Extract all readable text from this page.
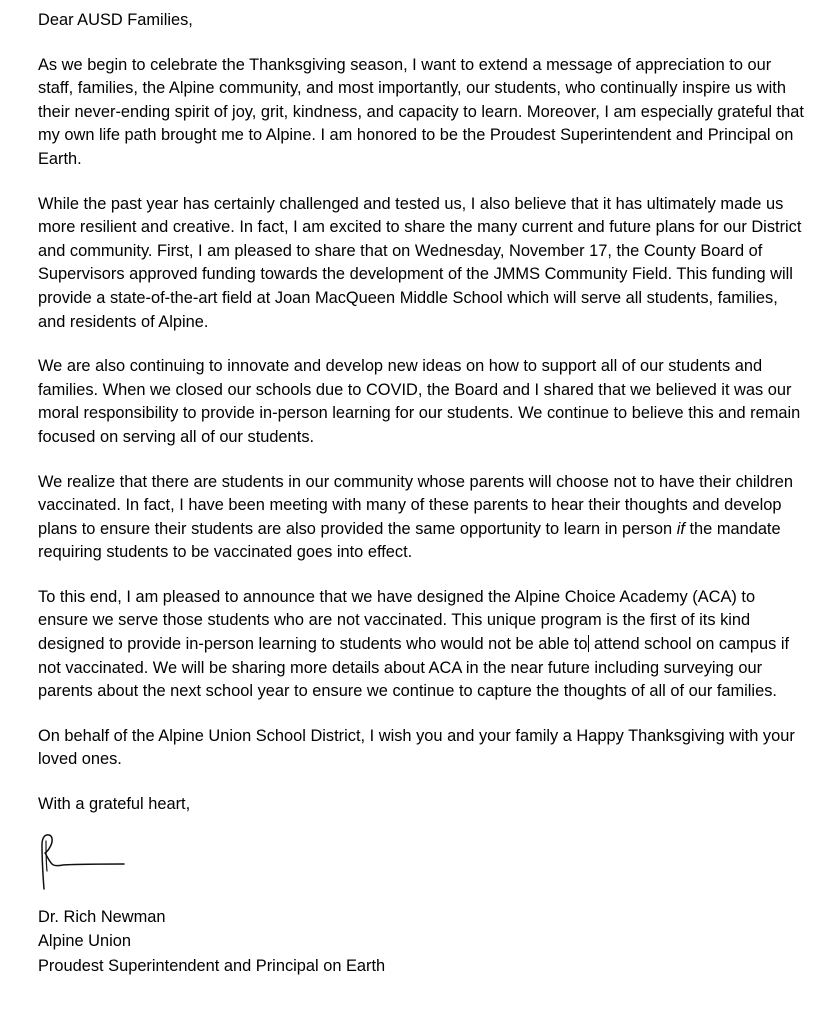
Dear AUSD Families,

As we begin to celebrate the Thanksgiving season, I want to extend a message of appreciation to our staff, families, the Alpine community, and most importantly, our students, who continually inspire us with their never-ending spirit of joy, grit, kindness, and capacity to learn. Moreover, I am especially grateful that my own life path brought me to Alpine. I am honored to be the Proudest Superintendent and Principal on Earth.

While the past year has certainly challenged and tested us, I also believe that it has ultimately made us more resilient and creative. In fact, I am excited to share the many current and future plans for our District and community. First, I am pleased to share that on Wednesday, November 17, the County Board of Supervisors approved funding towards the development of the JMMS Community Field. This funding will provide a state-of-the-art field at Joan MacQueen Middle School which will serve all students, families, and residents of Alpine.

We are also continuing to innovate and develop new ideas on how to support all of our students and families. When we closed our schools due to COVID, the Board and I shared that we believed it was our moral responsibility to provide in-person learning for our students. We continue to believe this and remain focused on serving all of our students.

We realize that there are students in our community whose parents will choose not to have their children vaccinated. In fact, I have been meeting with many of these parents to hear their thoughts and develop plans to ensure their students are also provided the same opportunity to learn in person if the mandate requiring students to be vaccinated goes into effect.

To this end, I am pleased to announce that we have designed the Alpine Choice Academy (ACA) to ensure we serve those students who are not vaccinated. This unique program is the first of its kind designed to provide in-person learning to students who would not be able to attend school on campus if not vaccinated. We will be sharing more details about ACA in the near future including surveying our parents about the next school year to ensure we continue to capture the thoughts of all of our families.

On behalf of the Alpine Union School District, I wish you and your family a Happy Thanksgiving with your loved ones.

With a grateful heart,

Dr. Rich Newman

Alpine Union

Proudest Superintendent and Principal on Earth
